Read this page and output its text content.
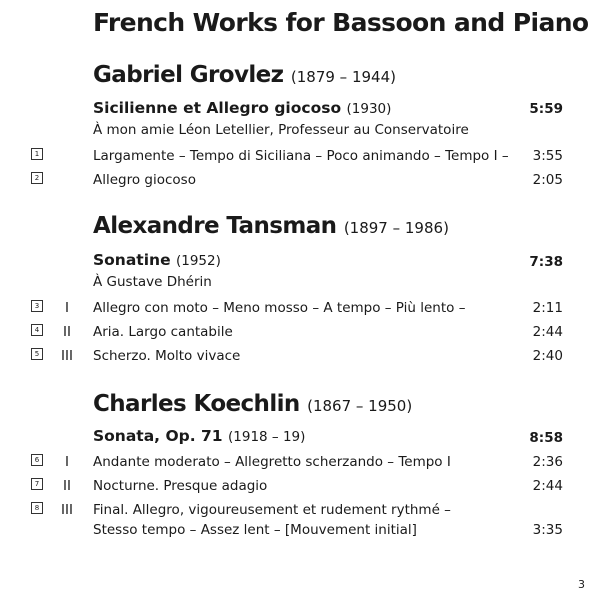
French Works for Bassoon and Piano
Gabriel Grovlez (1879 – 1944)
Sicilienne et Allegro giocoso (1930)	5:59
À mon amie Léon Letellier, Professeur au Conservatoire
1	Largamente – Tempo di Siciliana – Poco animando – Tempo I – 3:55
2	Allegro giocoso	2:05
Alexandre Tansman (1897 – 1986)
Sonatine (1952)	7:38
À Gustave Dhérin
3	I	Allegro con moto – Meno mosso – A tempo – Più lento –	2:11
4 II Aria. Largo cantabile	2:44
5 III Scherzo. Molto vivace	2:40
Charles Koechlin (1867 – 1950)
Sonata, Op. 71 (1918 – 19)	8:58
6	I	Andante moderato – Allegretto scherzando – Tempo I	2:36
7 II Nocturne. Presque adagio	2:44
8 III Final. Allegro, vigoureusement et rudement rythmé –
Stesso tempo – Assez lent – [Mouvement initial]	3:35
3
